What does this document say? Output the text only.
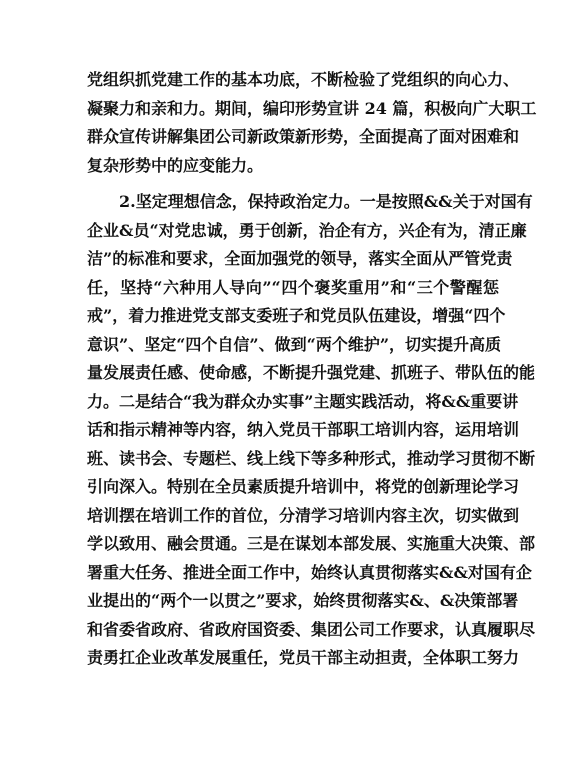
党组织抓党建工作的基本功底，不断检验了党组织的向心力、
凝聚力和亲和力。期间，编印形势宣讲 24 篇，积极向广大职工
群众宣传讲解集团公司新政策新形势，全面提高了面对困难和
复杂形势中的应变能力。
2.坚定理想信念，保持政治定力。一是按照&&关于对国有
企业&员“对党忠诚，勇于创新，治企有方，兴企有为，清正廉
洁”的标准和要求，全面加强党的领导，落实全面从严管党责
任，坚持“六种用人导向”“四个褒奖重用”和“三个警醒惩
戒”，着力推进党支部支委班子和党员队伍建设，增强“四个
意识”、坚定“四个自信”、做到“两个维护”，切实提升高质
量发展责任感、使命感，不断提升强党建、抓班子、带队伍的能
力。二是结合“我为群众办实事”主题实践活动，将&&重要讲
话和指示精神等内容，纳入党员干部职工培训内容，运用培训
班、读书会、专题栏、线上线下等多种形式，推动学习贯彻不断
引向深入。特别在全员素质提升培训中，将党的创新理论学习
培训摆在培训工作的首位，分清学习培训内容主次，切实做到
学以致用、融会贯通。三是在谋划本部发展、实施重大决策、部
署重大任务、推进全面工作中，始终认真贯彻落实&&对国有企
业提出的“两个一以贯之”要求，始终贯彻落实&、&决策部署
和省委省政府、省政府国资委、集团公司工作要求，认真履职尽
责勇扛企业改革发展重任，党员干部主动担责，全体职工努力
